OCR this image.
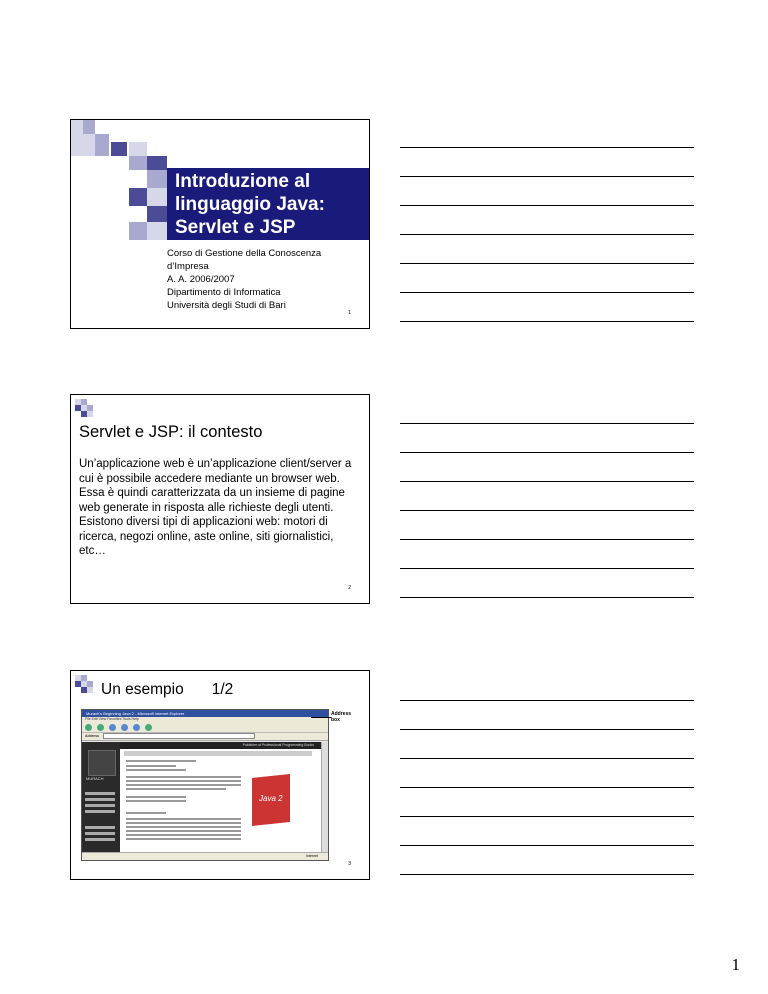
Introduzione al
linguaggio Java:
Servlet e JSP
Corso di Gestione della Conoscenza
d’Impresa
A. A. 2006/2007
Dipartimento di Informatica
Università degli Studi di Bari
1
Servlet e JSP: il contesto
Un’applicazione web è un’applicazione client/server a cui è possibile accedere mediante un browser web. Essa è quindi caratterizzata da un insieme di pagine web generate in risposta alle richieste degli utenti. Esistono diversi tipi di applicazioni web: motori di ricerca, negozi online, aste online, siti giornalistici, etc…
2
Un esempio 1/2
Murach's Beginning Java 2 - Microsoft Internet Explorer
File Edit View Favorites Tools Help
Address
MURACH
Publisher of Professional Programming Books
Java 2
Internet
Address
box
3
1
